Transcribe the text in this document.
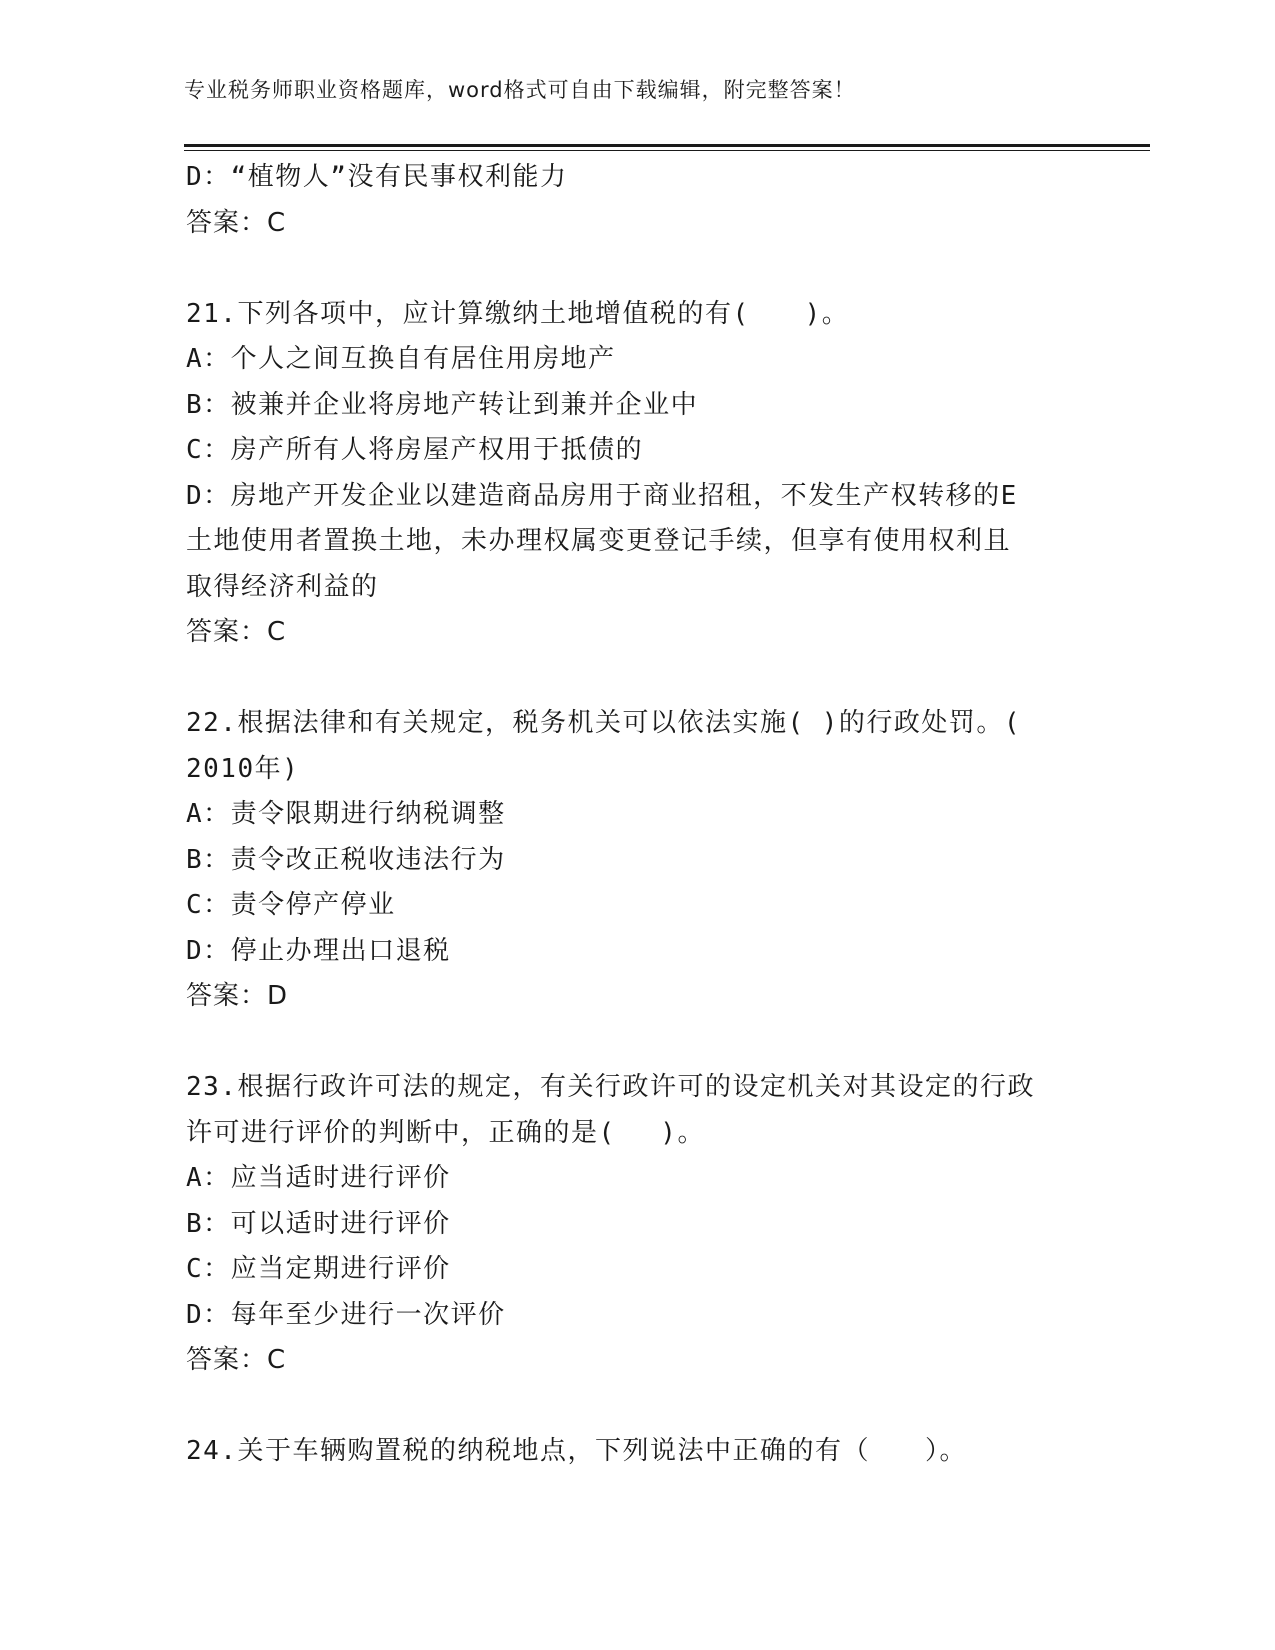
专业税务师职业资格题库，word格式可自由下载编辑，附完整答案！
D：“植物人”没有民事权利能力
答案：C
21.下列各项中，应计算缴纳土地增值税的有(　　)。
A：个人之间互换自有居住用房地产
B：被兼并企业将房地产转让到兼并企业中
C：房产所有人将房屋产权用于抵债的
D：房地产开发企业以建造商品房用于商业招租，不发生产权转移的E
土地使用者置换土地，未办理权属变更登记手续，但享有使用权利且
取得经济利益的
答案：C
22.根据法律和有关规定，税务机关可以依法实施( )的行政处罚。(
2010年)
A：责令限期进行纳税调整
B：责令改正税收违法行为
C：责令停产停业
D：停止办理出口退税
答案：D
23.根据行政许可法的规定，有关行政许可的设定机关对其设定的行政
许可进行评价的判断中，正确的是(　 )。
A：应当适时进行评价
B：可以适时进行评价
C：应当定期进行评价
D：每年至少进行一次评价
答案：C
24.关于车辆购置税的纳税地点，下列说法中正确的有（　　）。
